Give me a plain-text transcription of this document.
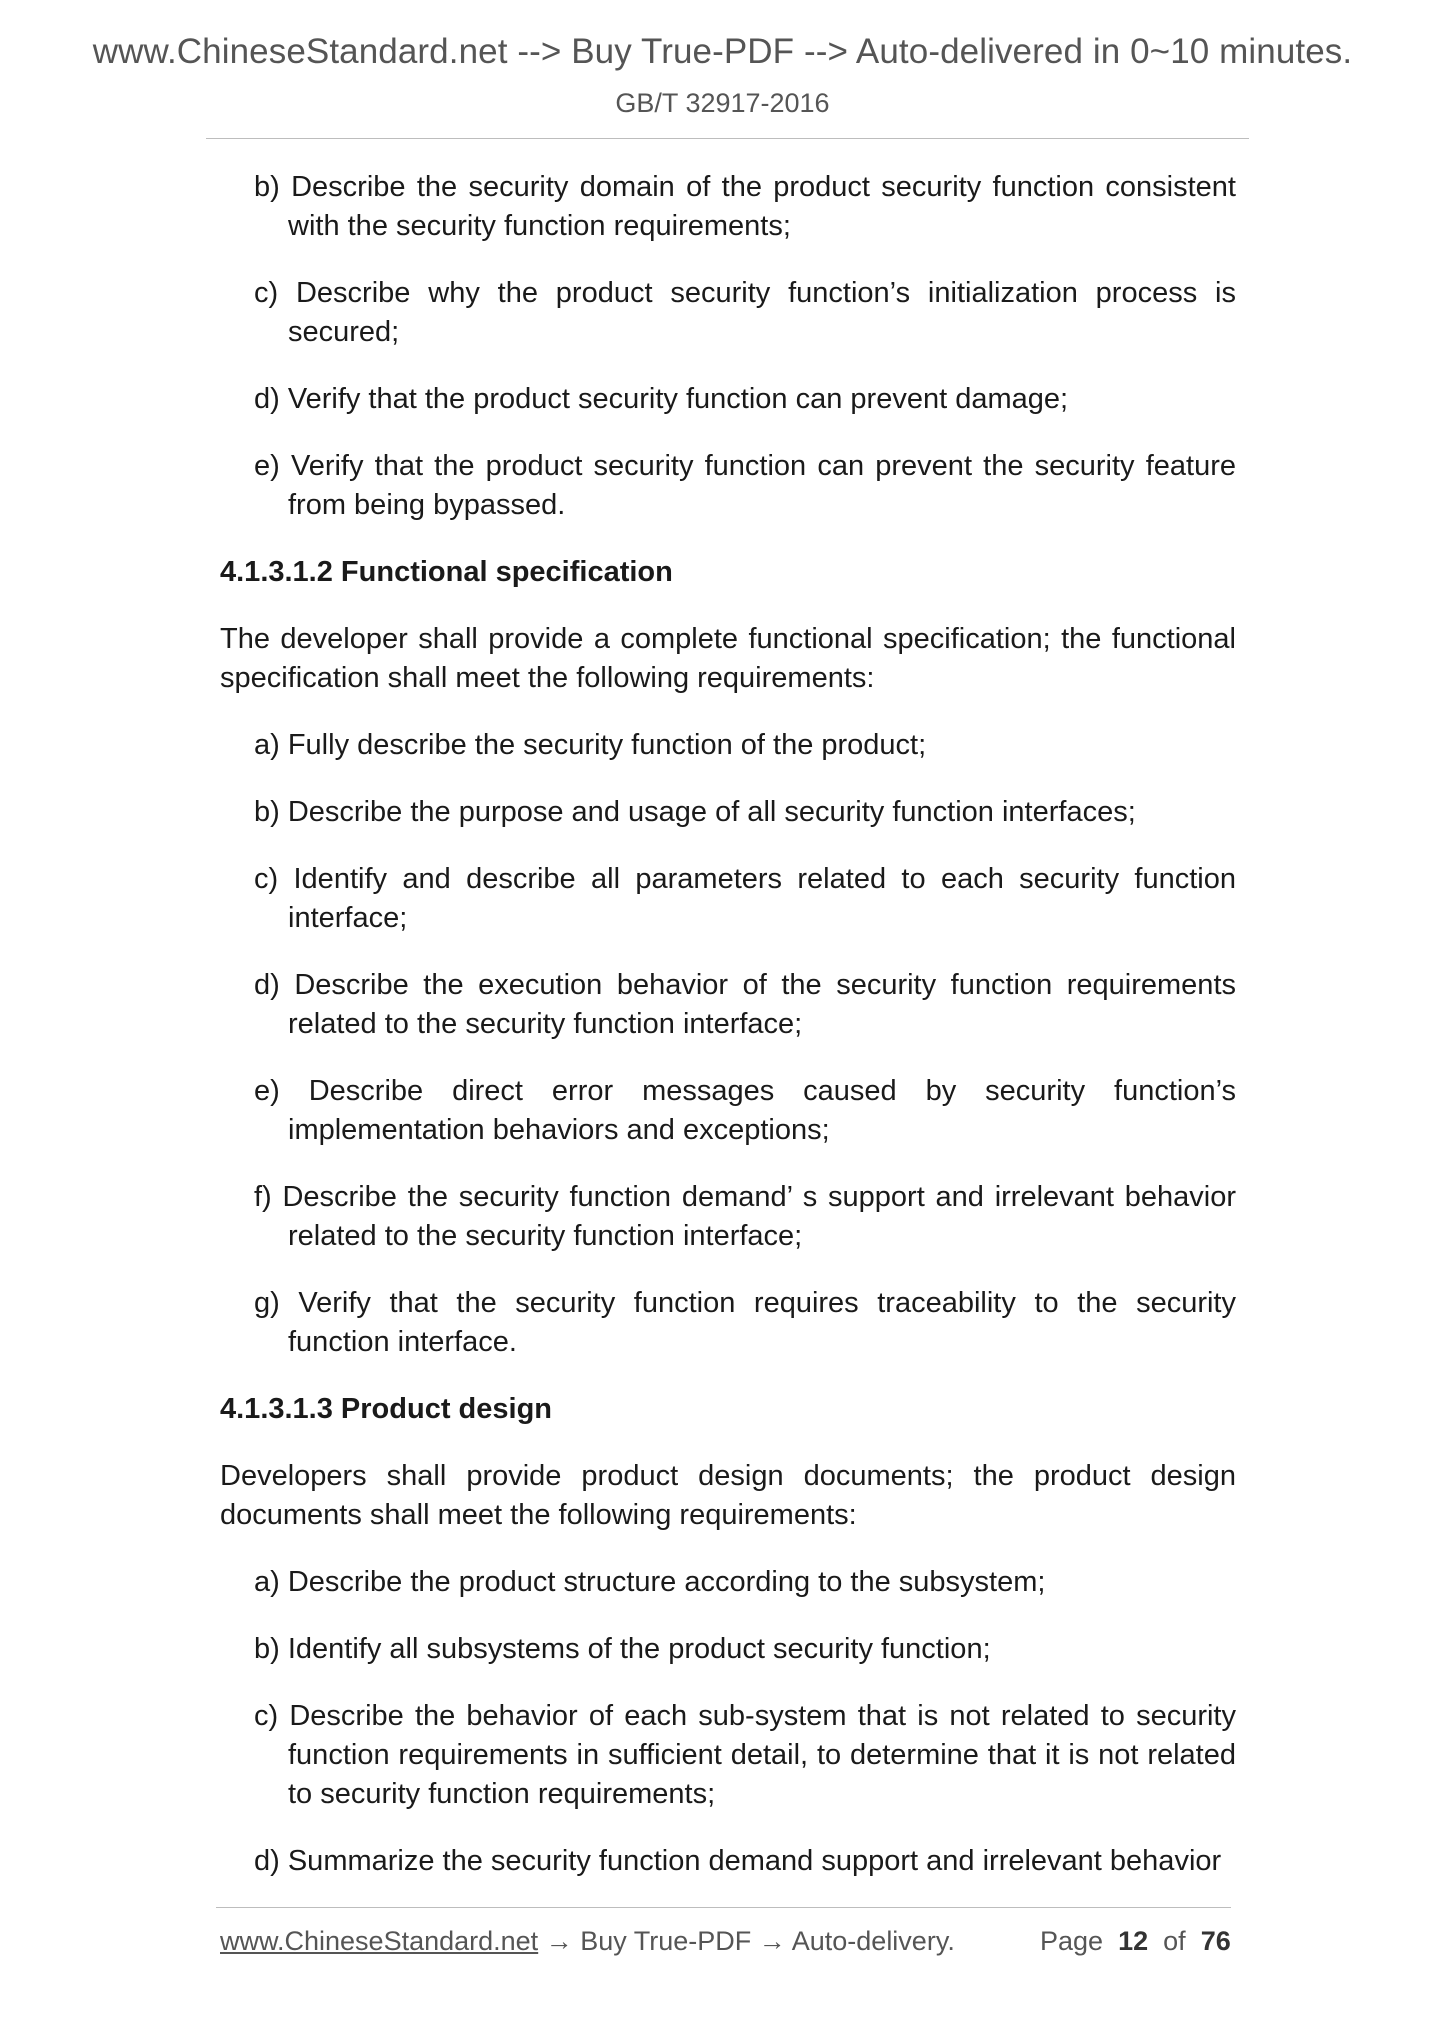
www.ChineseStandard.net --> Buy True-PDF --> Auto-delivered in 0~10 minutes.
GB/T 32917-2016
b) Describe the security domain of the product security function consistent with the security function requirements;
c) Describe why the product security function’s initialization process is secured;
d) Verify that the product security function can prevent damage;
e) Verify that the product security function can prevent the security feature from being bypassed.
4.1.3.1.2 Functional specification
The developer shall provide a complete functional specification; the functional specification shall meet the following requirements:
a) Fully describe the security function of the product;
b) Describe the purpose and usage of all security function interfaces;
c) Identify and describe all parameters related to each security function interface;
d) Describe the execution behavior of the security function requirements related to the security function interface;
e) Describe direct error messages caused by security function’s implementation behaviors and exceptions;
f) Describe the security function demand’ s support and irrelevant behavior related to the security function interface;
g) Verify that the security function requires traceability to the security function interface.
4.1.3.1.3 Product design
Developers shall provide product design documents; the product design documents shall meet the following requirements:
a) Describe the product structure according to the subsystem;
b) Identify all subsystems of the product security function;
c) Describe the behavior of each sub-system that is not related to security function requirements in sufficient detail, to determine that it is not related to security function requirements;
d) Summarize the security function demand support and irrelevant behavior
www.ChineseStandard.net → Buy True-PDF → Auto-delivery.	Page 12 of 76
